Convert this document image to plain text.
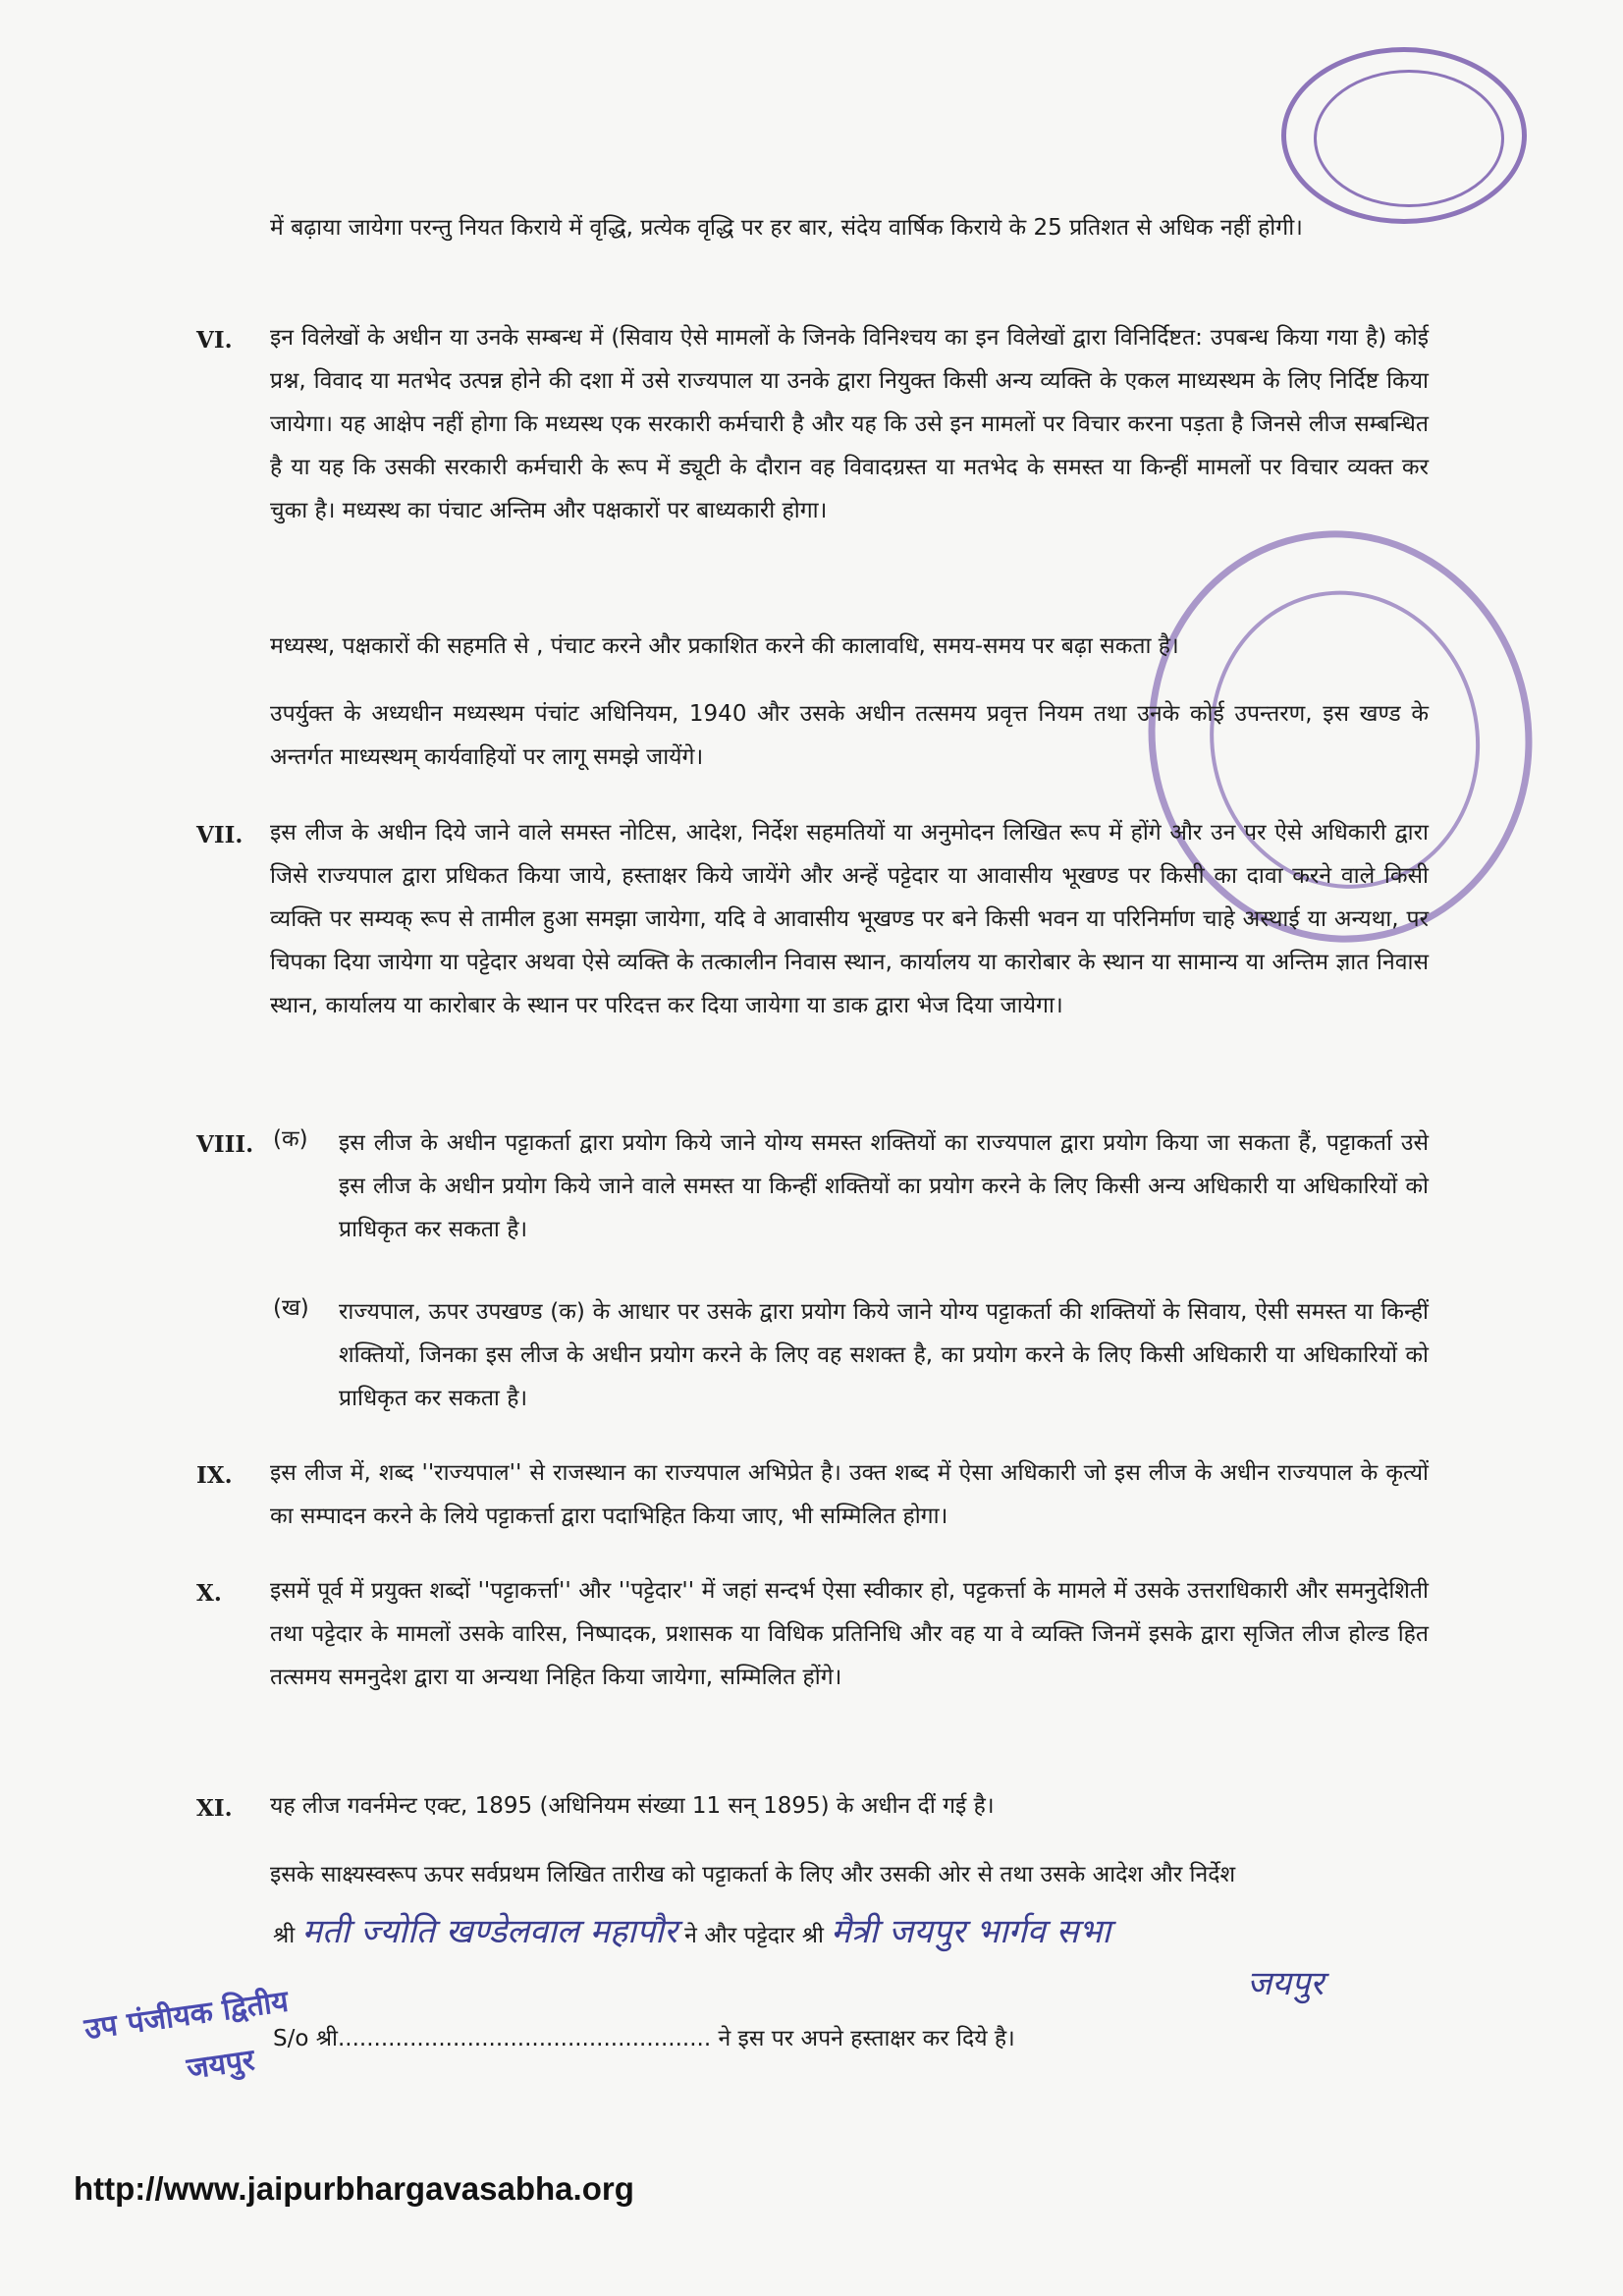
में बढ़ाया जायेगा परन्तु नियत किराये में वृद्धि, प्रत्येक वृद्धि पर हर बार, संदेय वार्षिक किराये के 25 प्रतिशत से अधिक नहीं होगी।
VI. इन विलेखों के अधीन या उनके सम्बन्ध में (सिवाय ऐसे मामलों के जिनके विनिश्चय का इन विलेखों द्वारा विनिर्दिष्टत: उपबन्ध किया गया है) कोई प्रश्न, विवाद या मतभेद उत्पन्न होने की दशा में उसे राज्यपाल या उनके द्वारा नियुक्त किसी अन्य व्यक्ति के एकल माध्यस्थम के लिए निर्दिष्ट किया जायेगा। यह आक्षेप नहीं होगा कि मध्यस्थ एक सरकारी कर्मचारी है और यह कि उसे इन मामलों पर विचार करना पड़ता है जिनसे लीज सम्बन्धित है या यह कि उसकी सरकारी कर्मचारी के रूप में ड्यूटी के दौरान वह विवादग्रस्त या मतभेद के समस्त या किन्हीं मामलों पर विचार व्यक्त कर चुका है। मध्यस्थ का पंचाट अन्तिम और पक्षकारों पर बाध्यकारी होगा।
मध्यस्थ, पक्षकारों की सहमति से , पंचाट करने और प्रकाशित करने की कालावधि, समय-समय पर बढ़ा सकता है।
उपर्युक्त के अध्यधीन मध्यस्थम पंचांट अधिनियम, 1940 और उसके अधीन तत्समय प्रवृत्त नियम तथा उनके कोई उपन्तरण, इस खण्ड के अन्तर्गत माध्यस्थम् कार्यवाहियों पर लागू समझे जायेंगे।
VII. इस लीज के अधीन दिये जाने वाले समस्त नोटिस, आदेश, निर्देश सहमतियों या अनुमोदन लिखित रूप में होंगे और उन पर ऐसे अधिकारी द्वारा जिसे राज्यपाल द्वारा प्रधिकत किया जाये, हस्ताक्षर किये जायेंगे और अन्हें पट्टेदार या आवासीय भूखण्ड पर किसी का दावा करने वाले किसी व्यक्ति पर सम्यक् रूप से तामील हुआ समझा जायेगा, यदि वे आवासीय भूखण्ड पर बने किसी भवन या परिनिर्माण चाहे अस्थाई या अन्यथा, पर चिपका दिया जायेगा या पट्टेदार अथवा ऐसे व्यक्ति के तत्कालीन निवास स्थान, कार्यालय या कारोबार के स्थान या सामान्य या अन्तिम ज्ञात निवास स्थान, कार्यालय या कारोबार के स्थान पर परिदत्त कर दिया जायेगा या डाक द्वारा भेज दिया जायेगा।
VIII. (क) इस लीज के अधीन पट्टाकर्ता द्वारा प्रयोग किये जाने योग्य समस्त शक्तियों का राज्यपाल द्वारा प्रयोग किया जा सकता हैं, पट्टाकर्ता उसे इस लीज के अधीन प्रयोग किये जाने वाले समस्त या किन्हीं शक्तियों का प्रयोग करने के लिए किसी अन्य अधिकारी या अधिकारियों को प्राधिकृत कर सकता है।
(ख) राज्यपाल, ऊपर उपखण्ड (क) के आधार पर उसके द्वारा प्रयोग किये जाने योग्य पट्टाकर्ता की शक्तियों के सिवाय, ऐसी समस्त या किन्हीं शक्तियों, जिनका इस लीज के अधीन प्रयोग करने के लिए वह सशक्त है, का प्रयोग करने के लिए किसी अधिकारी या अधिकारियों को प्राधिकृत कर सकता है।
IX. इस लीज में, शब्द ''राज्यपाल'' से राजस्थान का राज्यपाल अभिप्रेत है। उक्त शब्द में ऐसा अधिकारी जो इस लीज के अधीन राज्यपाल के कृत्यों का सम्पादन करने के लिये पट्टाकर्त्ता द्वारा पदाभिहित किया जाए, भी सम्मिलित होगा।
X. इसमें पूर्व में प्रयुक्त शब्दों ''पट्टाकर्त्ता'' और ''पट्टेदार'' में जहां सन्दर्भ ऐसा स्वीकार हो, पट्टकर्त्ता के मामले में उसके उत्तराधिकारी और समनुदेशिती तथा पट्टेदार के मामलों उसके वारिस, निष्पादक, प्रशासक या विधिक प्रतिनिधि और वह या वे व्यक्ति जिनमें इसके द्वारा सृजित लीज होल्ड हित तत्समय समनुदेश द्वारा या अन्यथा निहित किया जायेगा, सम्मिलित होंगे।
XI. यह लीज गवर्नमेन्ट एक्ट, 1895 (अधिनियम संख्या 11 सन् 1895) के अधीन दीं गई है।
इसके साक्ष्यस्वरूप ऊपर सर्वप्रथम लिखित तारीख को पट्टाकर्ता के लिए और उसकी ओर से तथा उसके आदेश और निर्देश
श्री मती ज्योति खण्डेलवाल महापौर ने और पट्टेदार श्री मैत्री जयपुर भार्गव सभा
जयपुर
S/o श्री.................................................... ने इस पर अपने हस्ताक्षर कर दिये है।
उप पंजीयक द्वितीय
जयपुर
http://www.jaipurbhargavasabha.org
